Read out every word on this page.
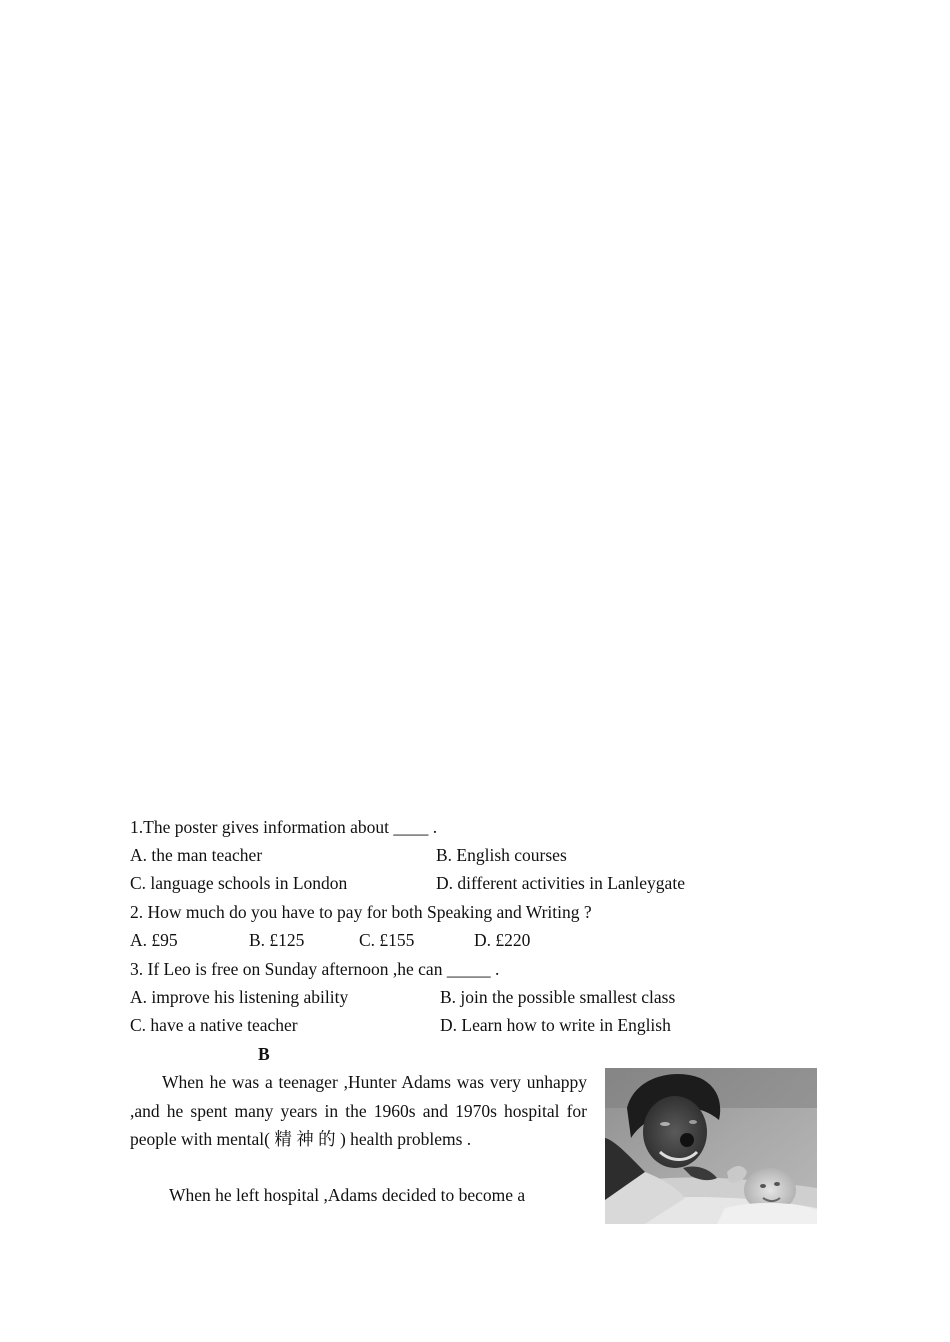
1.The poster gives information about ____ .
A. the man teacher	B. English courses
C. language schools in London	D. different activities in Lanleygate
2. How much do you have to pay for both Speaking and Writing ?
A. £95	B. £125	C. £155	D. £220
3. If Leo is free on Sunday afternoon ,he can _____ .
A. improve his listening ability	B. join the possible smallest class
C. have a native teacher	D. Learn how to write in English
B
When he was a teenager ,Hunter Adams was very unhappy ,and he spent many years in the 1960s and 1970s hospital for people with mental( 精 神 的 ) health problems .
When he left hospital ,Adams decided to become a
